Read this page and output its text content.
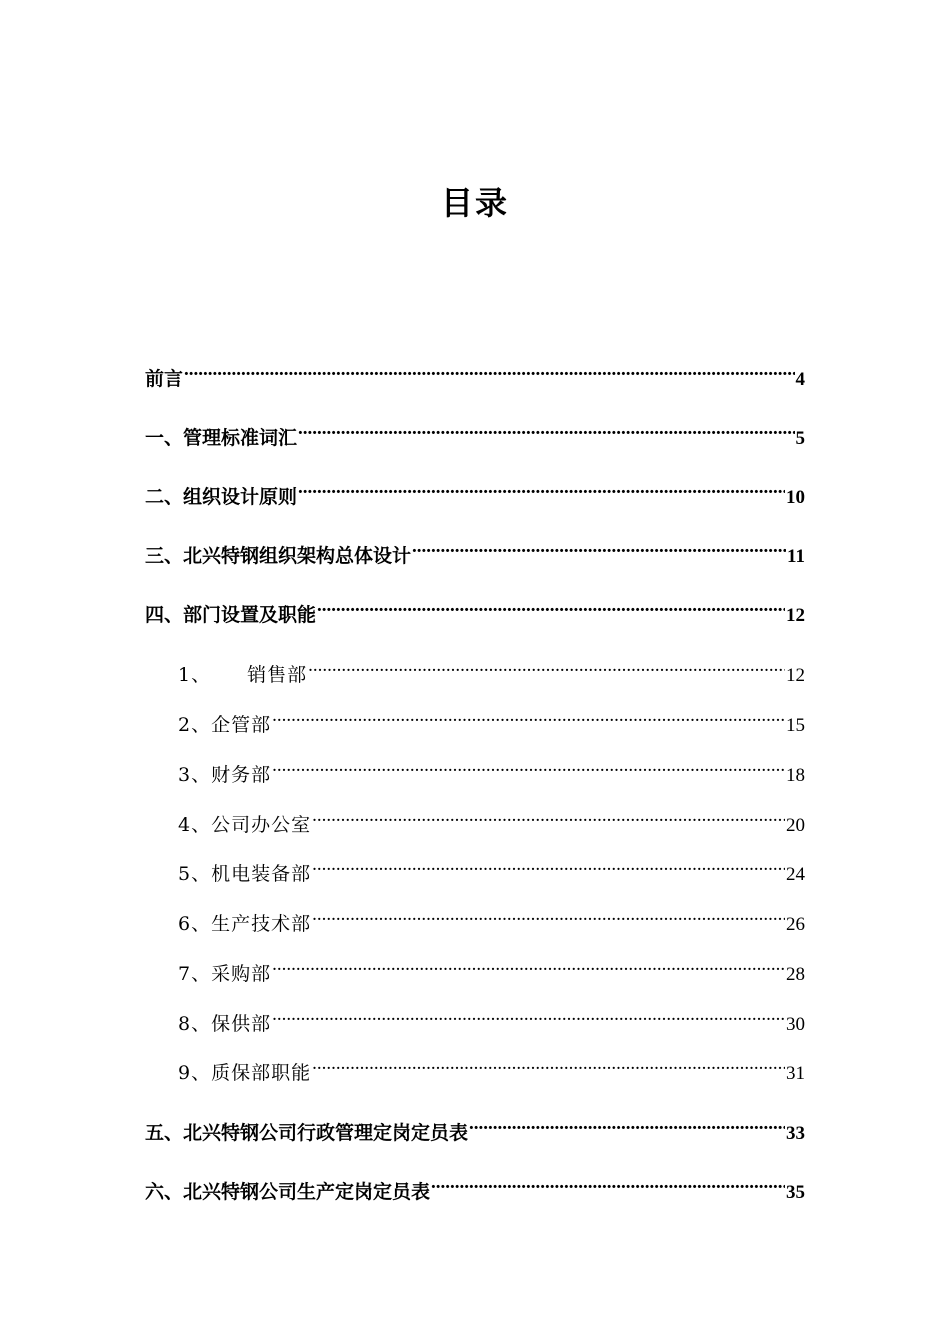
目录
前言 .....	4
一、管理标准词汇 .....	5
二、组织设计原则 .....	10
三、北兴特钢组织架构总体设计 .....	11
四、部门设置及职能 .....	12
1、 销售部 .....	12
2、企管部 .....	15
3、财务部 .....	18
4、公司办公室 .....	20
5、机电装备部 .....	24
6、生产技术部 .....	26
7、采购部 .....	28
8、保供部 .....	30
9、质保部职能 .....	31
五、北兴特钢公司行政管理定岗定员表 .....	33
六、北兴特钢公司生产定岗定员表 .....	35
